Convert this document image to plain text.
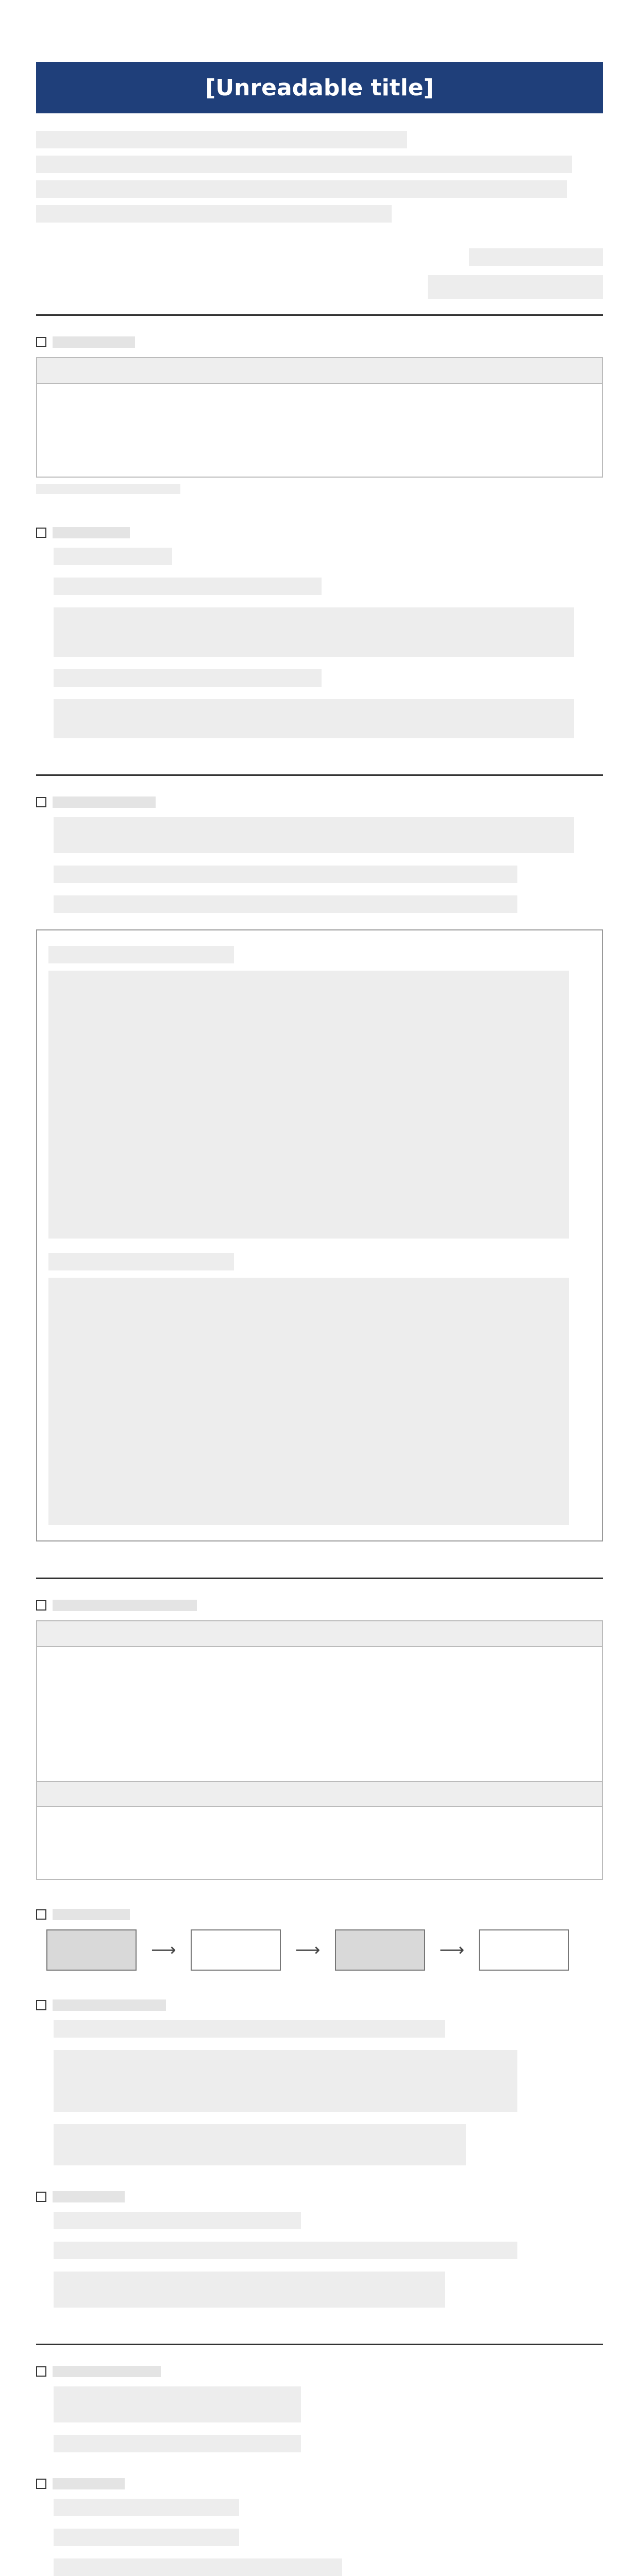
[Unreadable title]
⟶	⟶	⟶
